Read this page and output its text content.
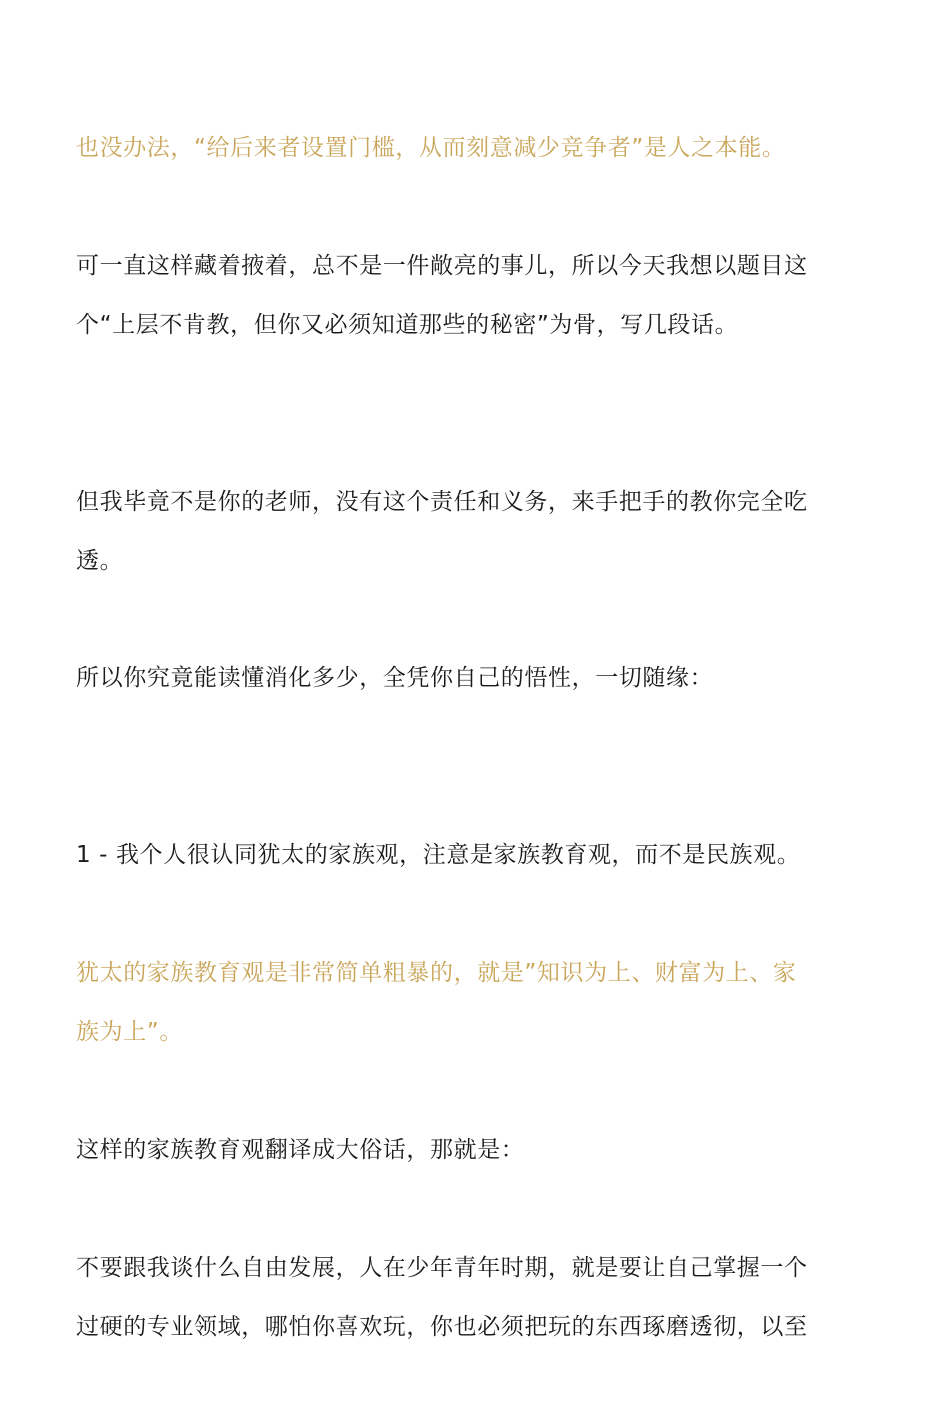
也没办法，“给后来者设置门槛，从而刻意减少竞争者”是人之本能。

可一直这样藏着掖着，总不是一件敞亮的事儿，所以今天我想以题目这
个“上层不肯教，但你又必须知道那些的秘密”为骨，写几段话。

但我毕竟不是你的老师，没有这个责任和义务，来手把手的教你完全吃
透。

所以你究竟能读懂消化多少，全凭你自己的悟性，一切随缘：

1 - 我个人很认同犹太的家族观，注意是家族教育观，而不是民族观。

犹太的家族教育观是非常简单粗暴的，就是”知识为上、财富为上、家
族为上”。

这样的家族教育观翻译成大俗话，那就是：

不要跟我谈什么自由发展，人在少年青年时期，就是要让自己掌握一个
过硬的专业领域，哪怕你喜欢玩，你也必须把玩的东西琢磨透彻，以至
